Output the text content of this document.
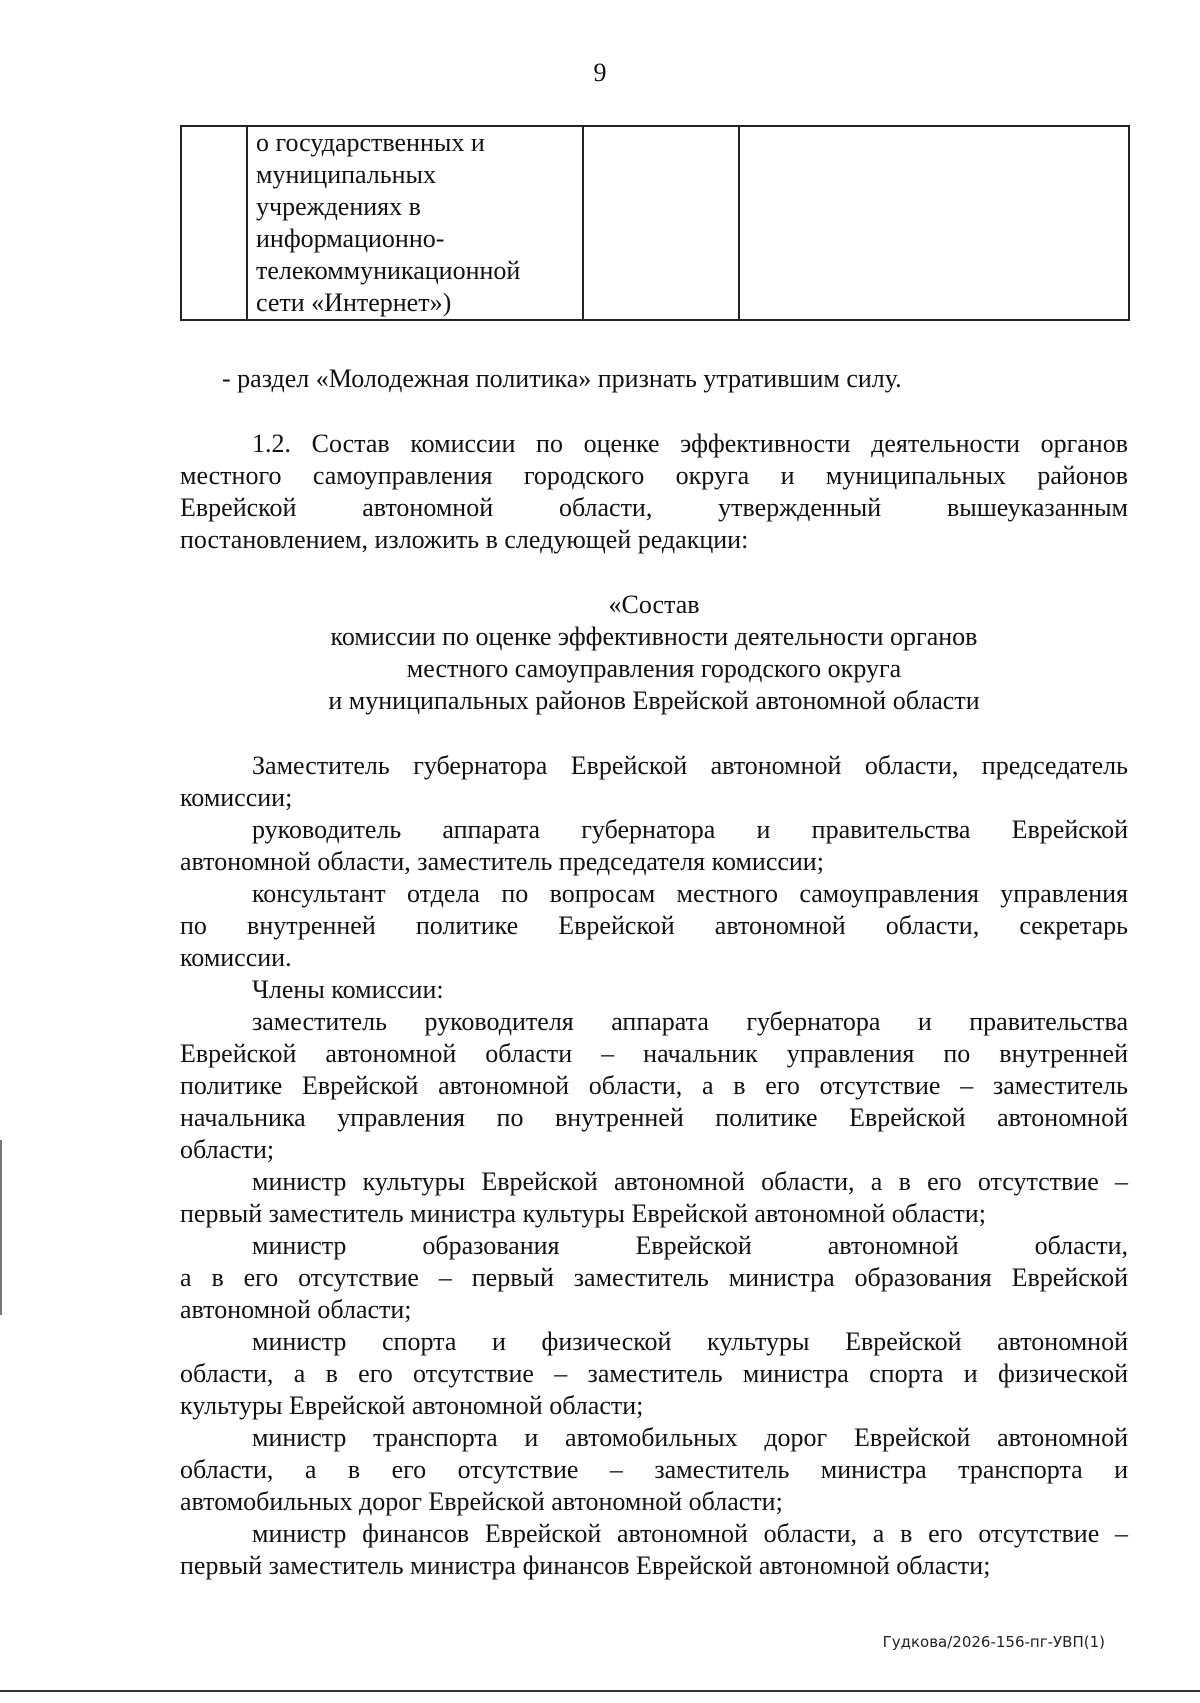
9

о государственных и
муниципальных
учреждениях в
информационно-
телекоммуникационной
сети «Интернет»)

- раздел «Молодежная политика» признать утратившим силу.
1.2. Состав комиссии по оценке эффективности деятельности органов
местного самоуправления городского округа и муниципальных районов
Еврейской автономной области, утвержденный вышеуказанным
постановлением, изложить в следующей редакции:
«Состав
комиссии по оценке эффективности деятельности органов
местного самоуправления городского округа
и муниципальных районов Еврейской автономной области
Заместитель губернатора Еврейской автономной области, председатель
комиссии;
руководитель аппарата губернатора и правительства Еврейской
автономной области, заместитель председателя комиссии;
консультант отдела по вопросам местного самоуправления управления
по внутренней политике Еврейской автономной области, секретарь
комиссии.
Члены комиссии:
заместитель руководителя аппарата губернатора и правительства
Еврейской автономной области – начальник управления по внутренней
политике Еврейской автономной области, а в его отсутствие – заместитель
начальника управления по внутренней политике Еврейской автономной
области;
министр культуры Еврейской автономной области, а в его отсутствие –
первый заместитель министра культуры Еврейской автономной области;
министр образования Еврейской автономной области,
а в его отсутствие – первый заместитель министра образования Еврейской
автономной области;
министр спорта и физической культуры Еврейской автономной
области, а в его отсутствие – заместитель министра спорта и физической
культуры Еврейской автономной области;
министр транспорта и автомобильных дорог Еврейской автономной
области, а в его отсутствие – заместитель министра транспорта и
автомобильных дорог Еврейской автономной области;
министр финансов Еврейской автономной области, а в его отсутствие –
первый заместитель министра финансов Еврейской автономной области;
Гудкова/2026-156-пг-УВП(1)
